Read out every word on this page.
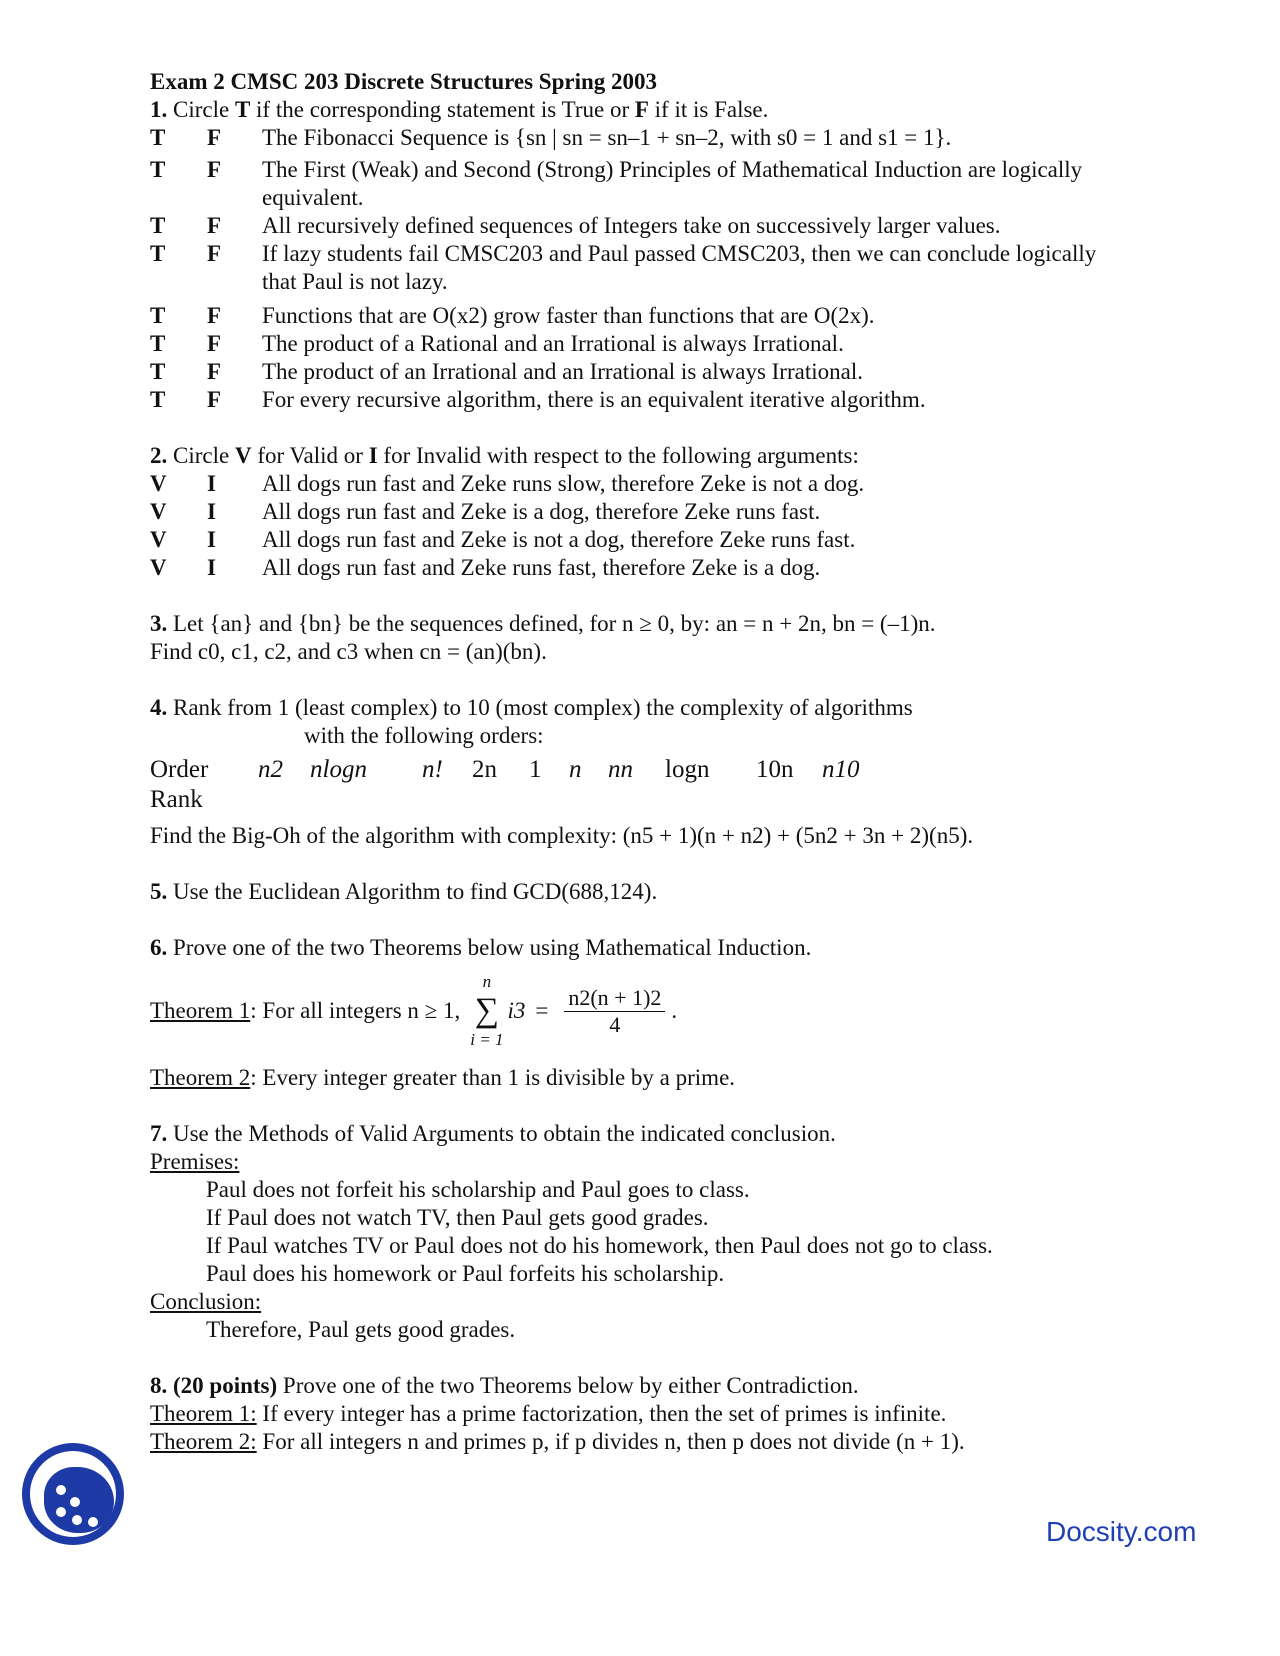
Exam 2 CMSC 203 Discrete Structures Spring 2003
1. Circle T if the corresponding statement is True or F if it is False.
T	F	The Fibonacci Sequence is {sn | sn = sn–1 + sn–2, with s0 = 1 and s1 = 1}.
T	F	The First (Weak) and Second (Strong) Principles of Mathematical Induction are logically equivalent.
T	F	All recursively defined sequences of Integers take on successively larger values.
T	F	If lazy students fail CMSC203 and Paul passed CMSC203, then we can conclude logically that Paul is not lazy.
T	F	Functions that are O(x2) grow faster than functions that are O(2x).
T	F	The product of a Rational and an Irrational is always Irrational.
T	F	The product of an Irrational and an Irrational is always Irrational.
T	F	For every recursive algorithm, there is an equivalent iterative algorithm.
2. Circle V for Valid or I for Invalid with respect to the following arguments:
V	I	All dogs run fast and Zeke runs slow, therefore Zeke is not a dog.
V	I	All dogs run fast and Zeke is a dog, therefore Zeke runs fast.
V	I	All dogs run fast and Zeke is not a dog, therefore Zeke runs fast.
V	I	All dogs run fast and Zeke runs fast, therefore Zeke is a dog.
3. Let {an} and {bn} be the sequences defined, for n ≥ 0, by: an = n + 2n, bn = (–1)n.
Find c0, c1, c2, and c3 when cn = (an)(bn).
4. Rank from 1 (least complex) to 10 (most complex) the complexity of algorithms
with the following orders:
Order	n2	nlogn	n!	2n	1	n	nn	logn	10n	n10
Rank
Find the Big-Oh of the algorithm with complexity: (n5 + 1)(n + n2) + (5n2 + 3n + 2)(n5).
5. Use the Euclidean Algorithm to find GCD(688,124).
6. Prove one of the two Theorems below using Mathematical Induction.
Theorem 1 : For all integers n ≥ 1,
n
∑
i = 1
$i3 = \frac{n2(n + 1)2}{4}$ .
Theorem 2: Every integer greater than 1 is divisible by a prime.
7. Use the Methods of Valid Arguments to obtain the indicated conclusion.
Premises:
Paul does not forfeit his scholarship and Paul goes to class.
If Paul does not watch TV, then Paul gets good grades.
If Paul watches TV or Paul does not do his homework, then Paul does not go to class.
Paul does his homework or Paul forfeits his scholarship.
Conclusion:
Therefore, Paul gets good grades.
8. (20 points) Prove one of the two Theorems below by either Contradiction.
Theorem 1: If every integer has a prime factorization, then the set of primes is infinite.
Theorem 2: For all integers n and primes p, if p divides n, then p does not divide (n + 1).
Docsity.com
